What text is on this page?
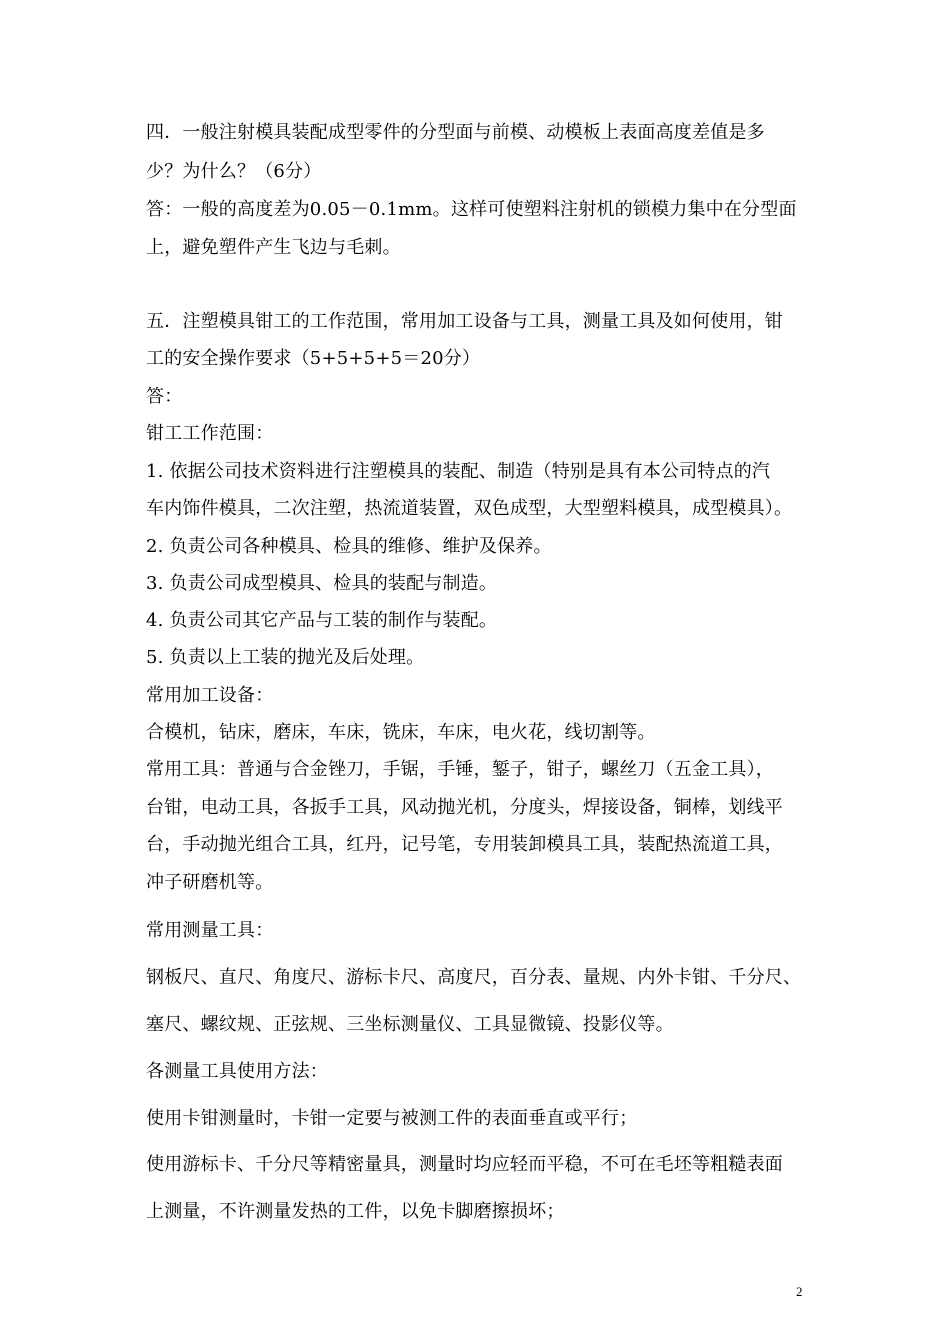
四．一般注射模具装配成型零件的分型面与前模、动模板上表面高度差值是多
少？为什么？（6分）
答：一般的高度差为0.05－0.1mm。这样可使塑料注射机的锁模力集中在分型面
上，避免塑件产生飞边与毛刺。
五．注塑模具钳工的工作范围，常用加工设备与工具，测量工具及如何使用，钳
工的安全操作要求（5+5+5+5＝20分）
答：
钳工工作范围：
1. 依据公司技术资料进行注塑模具的装配、制造（特别是具有本公司特点的汽
车内饰件模具，二次注塑，热流道装置，双色成型，大型塑料模具，成型模具）。
2. 负责公司各种模具、检具的维修、维护及保养。
3. 负责公司成型模具、检具的装配与制造。
4. 负责公司其它产品与工装的制作与装配。
5. 负责以上工装的抛光及后处理。
常用加工设备：
合模机，钻床，磨床，车床，铣床，车床，电火花，线切割等。
常用工具：普通与合金锉刀，手锯，手锤，錾子，钳子，螺丝刀（五金工具），
台钳，电动工具，各扳手工具，风动抛光机，分度头，焊接设备，铜棒，划线平
台，手动抛光组合工具，红丹，记号笔，专用装卸模具工具，装配热流道工具，
冲子研磨机等。
常用测量工具：
钢板尺、直尺、角度尺、游标卡尺、高度尺，百分表、量规、内外卡钳、千分尺、
塞尺、螺纹规、正弦规、三坐标测量仪、工具显微镜、投影仪等。
各测量工具使用方法：
使用卡钳测量时，卡钳一定要与被测工件的表面垂直或平行；
使用游标卡、千分尺等精密量具，测量时均应轻而平稳，不可在毛坯等粗糙表面
上测量，不许测量发热的工件，以免卡脚磨擦损坏；
2
